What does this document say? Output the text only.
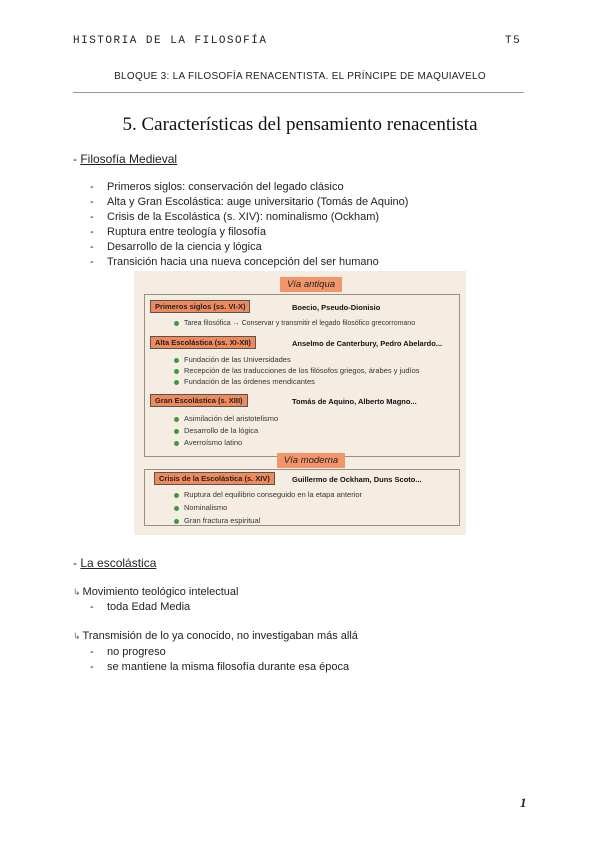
HISTORIA DE LA FILOSOFÍA	T5
BLOQUE 3: LA FILOSOFÍA RENACENTISTA. EL PRÍNCIPE DE MAQUIAVELO
5. Características del pensamiento renacentista
- Filosofía Medieval
- Primeros siglos: conservación del legado clásico
- Alta y Gran Escolástica: auge universitario (Tomás de Aquino)
- Crisis de la Escolástica (s. XIV): nominalismo (Ockham)
- Ruptura entre teología y filosofía
- Desarrollo de la ciencia y lógica
- Transición hacia una nueva concepción del ser humano
Vía antiqua
Primeros siglos (ss. VI-X)	Boecio, Pseudo-Dionisio
Tarea filosófica → Conservar y transmitir el legado filosófico grecorromano
Alta Escolástica (ss. XI-XII)	Anselmo de Canterbury, Pedro Abelardo...
Fundación de las Universidades
Recepción de las traducciones de los filósofos griegos, árabes y judíos
Fundación de las órdenes mendicantes
Gran Escolástica (s. XIII)	Tomás de Aquino, Alberto Magno...
Asimilación del aristotelismo
Desarrollo de la lógica
Averroísmo latino
Vía moderna
Crisis de la Escolástica (s. XIV)	Guillermo de Ockham, Duns Scoto...
Ruptura del equilibrio conseguido en la etapa anterior
Nominalismo
Gran fractura espiritual
- La escolástica
↳ Movimiento teológico intelectual
- toda Edad Media
↳ Transmisión de lo ya conocido, no investigaban más allá
- no progreso
- se mantiene la misma filosofía durante esa época
1
